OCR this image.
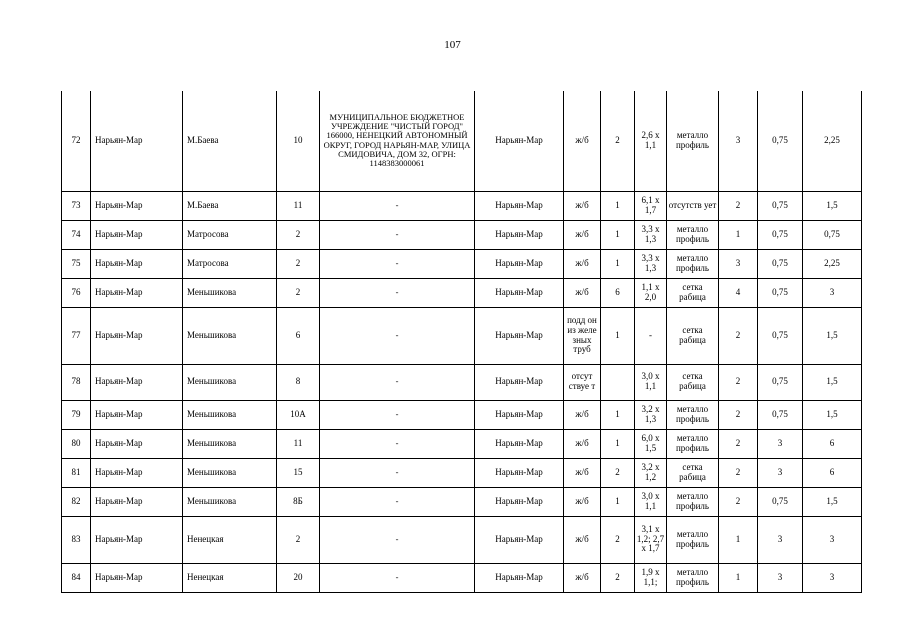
107
72	Нарьян-Мар	М.Баева	10	МУНИЦИПАЛЬНОЕ БЮДЖЕТНОЕ УЧРЕЖДЕНИЕ "ЧИСТЫЙ ГОРОД" 166000, НЕНЕЦКИЙ АВТОНОМНЫЙ ОКРУГ, ГОРОД НАРЬЯН-МАР, УЛИЦА СМИДОВИЧА, ДОМ 32, ОГРН: 1148383000061	Нарьян-Мар	ж/б	2	2,6 х 1,1	металло профиль	3	0,75	2,25
73	Нарьян-Мар	М.Баева	11	-	Нарьян-Мар	ж/б	1	6,1 х 1,7	отсутств ует	2	0,75	1,5
74	Нарьян-Мар	Матросова	2	-	Нарьян-Мар	ж/б	1	3,3 х 1,3	металло профиль	1	0,75	0,75
75	Нарьян-Мар	Матросова	2	-	Нарьян-Мар	ж/б	1	3,3 х 1,3	металло профиль	3	0,75	2,25
76	Нарьян-Мар	Меньшикова	2	-	Нарьян-Мар	ж/б	6	1,1 х 2,0	сетка рабица	4	0,75	3
77	Нарьян-Мар	Меньшикова	6	-	Нарьян-Мар	подд он из желе зных труб	1	-	сетка рабица	2	0,75	1,5
78	Нарьян-Мар	Меньшикова	8	-	Нарьян-Мар	отсут ствуе т		3,0 х 1,1	сетка рабица	2	0,75	1,5
79	Нарьян-Мар	Меньшикова	10А	-	Нарьян-Мар	ж/б	1	3,2 х 1,3	металло профиль	2	0,75	1,5
80	Нарьян-Мар	Меньшикова	11	-	Нарьян-Мар	ж/б	1	6,0 х 1,5	металло профиль	2	3	6
81	Нарьян-Мар	Меньшикова	15	-	Нарьян-Мар	ж/б	2	3,2 х 1,2	сетка рабица	2	3	6
82	Нарьян-Мар	Меньшикова	8Б	-	Нарьян-Мар	ж/б	1	3,0 х 1,1	металло профиль	2	0,75	1,5
83	Нарьян-Мар	Ненецкая	2	-	Нарьян-Мар	ж/б	2	3,1 х 1,2; 2,7 х 1,7	металло профиль	1	3	3
84	Нарьян-Мар	Ненецкая	20	-	Нарьян-Мар	ж/б	2	1,9 х 1,1;	металло профиль	1	3	3
